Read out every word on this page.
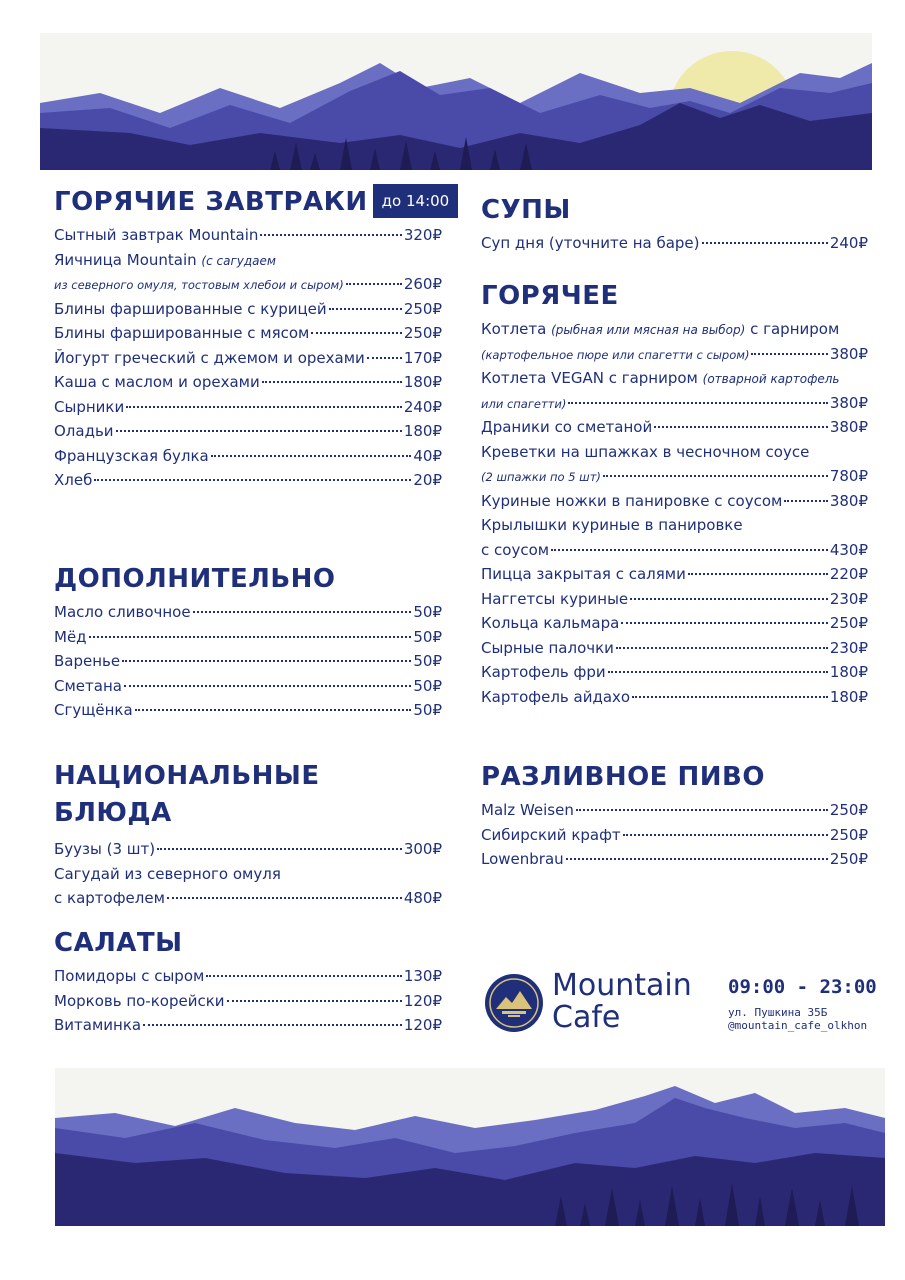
ГОРЯЧИЕ ЗАВТРАКИ до 14:00
Сытный завтрак Mountain	320₽
Яичница Mountain (с сагудаем
из северного омуля, тостовым хлебои и сыром)	260₽
Блины фаршированные с курицей	250₽
Блины фаршированные с мясом	250₽
Йогурт греческий с джемом и орехами	170₽
Каша с маслом и орехами	180₽
Сырники	240₽
Оладьи	180₽
Французская булка	40₽
Хлеб	20₽
ДОПОЛНИТЕЛЬНО
Масло сливочное	50₽
Мёд	50₽
Варенье	50₽
Сметана	50₽
Сгущёнка	50₽
НАЦИОНАЛЬНЫЕ БЛЮДА
Буузы (3 шт)	300₽
Сагудай из северного омуля
с картофелем	480₽
САЛАТЫ
Помидоры с сыром	130₽
Морковь по-корейски	120₽
Витаминка	120₽
СУПЫ
Суп дня (уточните на баре)	240₽
ГОРЯЧЕЕ
Котлета (рыбная или мясная на выбор) с гарниром
(картофельное пюре или спагетти с сыром)	380₽
Котлета VEGAN с гарниром (отварной картофель
или спагетти)	380₽
Драники со сметаной	380₽
Креветки на шпажках в чесночном соусе
(2 шпажки по 5 шт)	780₽
Куриные ножки в панировке с соусом	380₽
Крылышки куриные в панировке
с соусом	430₽
Пицца закрытая с салями	220₽
Наггетсы куриные	230₽
Кольца кальмара	250₽
Сырные палочки	230₽
Картофель фри	180₽
Картофель айдахо	180₽
РАЗЛИВНОЕ ПИВО
Malz Weisen	250₽
Сибирский крафт	250₽
Lowenbrau	250₽
Mountain
Cafe
09:00 - 23:00
ул. Пушкина 35Б
@mountain_cafe_olkhon
